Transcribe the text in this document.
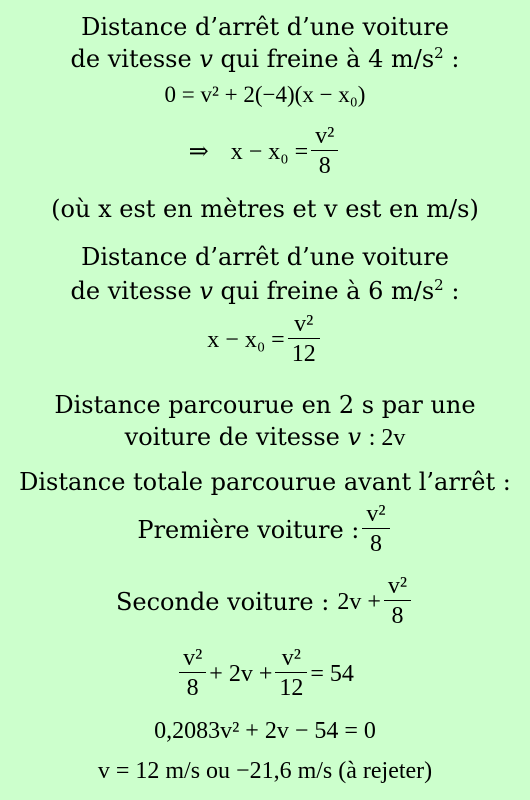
Distance d’arrêt d’une voiture
de vitesse v qui freine à 4 $m/s^2$ :
0 = v² + 2(−4)(x − x₀)
⇒ $x - x_0 = \frac{\text{v²}}{8}$
(où x est en mètres et v est en m/s)
Distance d’arrêt d’une voiture
de vitesse v qui freine à 6 $m/s^2$ :
$x - x_0 = \frac{\text{v²}}{12}$
Distance parcourue en 2 s par une
voiture de vitesse v : 2v
Distance totale parcourue avant l’arrêt :
Première voiture : $\frac{\text{v²}}{8}$
Seconde voiture : $2v + \frac{\text{v²}}{8}$
$\frac{\text{v²}}{8} + 2v + \frac{\text{v²}}{12} = 54$
0,2083v² + 2v − 54 = 0
v = 12 m/s ou −21,6 m/s (à rejeter)
